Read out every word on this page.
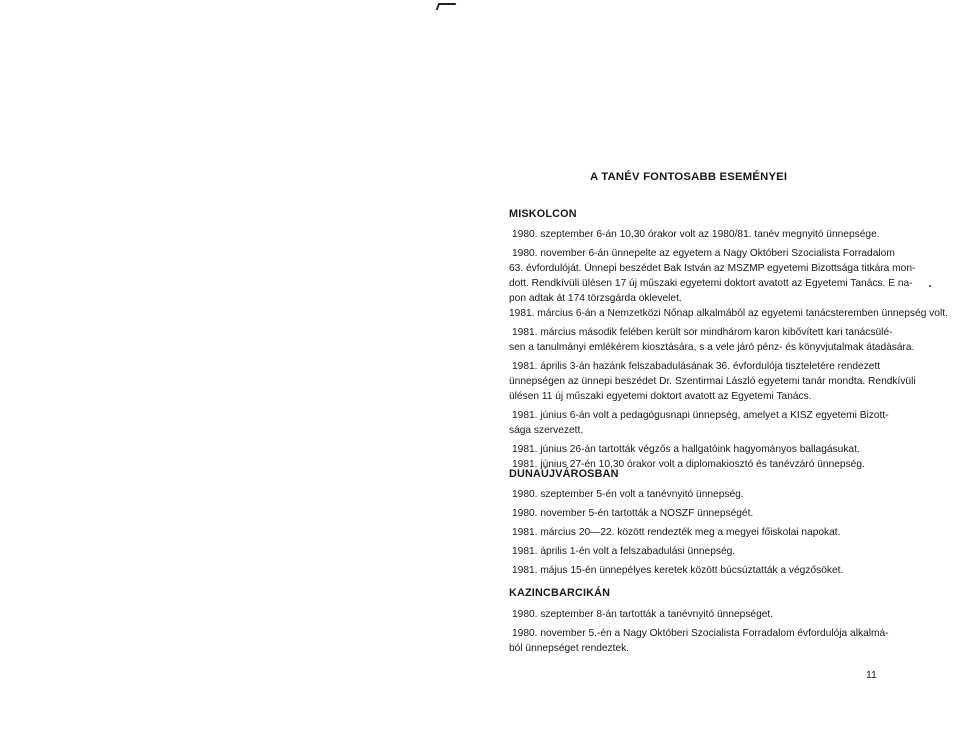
A TANÉV FONTOSABB ESEMÉNYEI
MISKOLCON

1980. szeptember 6-án 10,30 órakor volt az 1980/81. tanév megnyitó ünnepsége.

1980. november 6-án ünnepelte az egyetem a Nagy Októberi Szocialista Forradalom

63. évfordulóját. Ünnepi beszédet Bak István az MSZMP egyetemi Bizottsága titkára mon-

dott. Rendkívüli ülésen 17 új műszaki egyetemi doktort avatott az Egyetemi Tanács. E na-

pon adtak át 174 törzsgárda oklevelet.

1981. március 6-án a Nemzetközi Nőnap alkalmából az egyetemi tanácsteremben ünnepség volt.

1981. március második felében került sor mindhárom karon kibővített kari tanácsülé-

sen a tanulmányi emlékérem kiosztására, s a vele járó pénz- és könyvjutalmak átadására.

1981. április 3-án hazánk felszabadulásának 36. évfordulója tiszteletére rendezett

ünnepségen az ünnepi beszédet Dr. Szentirmai László egyetemi tanár mondta. Rendkívüli

ülésen 11 új műszaki egyetemi doktort avatott az Egyetemi Tanács.

1981. június 6-án volt a pedagógusnapi ünnepség, amelyet a KISZ egyetemi Bizott-

sága szervezett.

1981. június 26-án tartották végzős a hallgatóink hagyományos ballagásukat.

1981. június 27-én 10,30 órakor volt a diplomakiosztó és tanévzáró ünnepség.

DUNAÚJVÁROSBAN

1980. szeptember 5-én volt a tanévnyitó ünnepség.

1980. november 5-én tartották a NOSZF ünnepségét.

1981. március 20—22. között rendezték meg a megyei főiskolai napokat.

1981. április 1-én volt a felszabadulási ünnepség.

1981. május 15-én ünnepélyes keretek között búcsúztatták a végzősöket.

KAZINCBARCIKÁN

1980. szeptember 8-án tartották a tanévnyitó ünnepséget.

1980. november 5.-én a Nagy Októberi Szocialista Forradalom évfordulója alkalmá-

ból ünnepséget rendeztek.

11
